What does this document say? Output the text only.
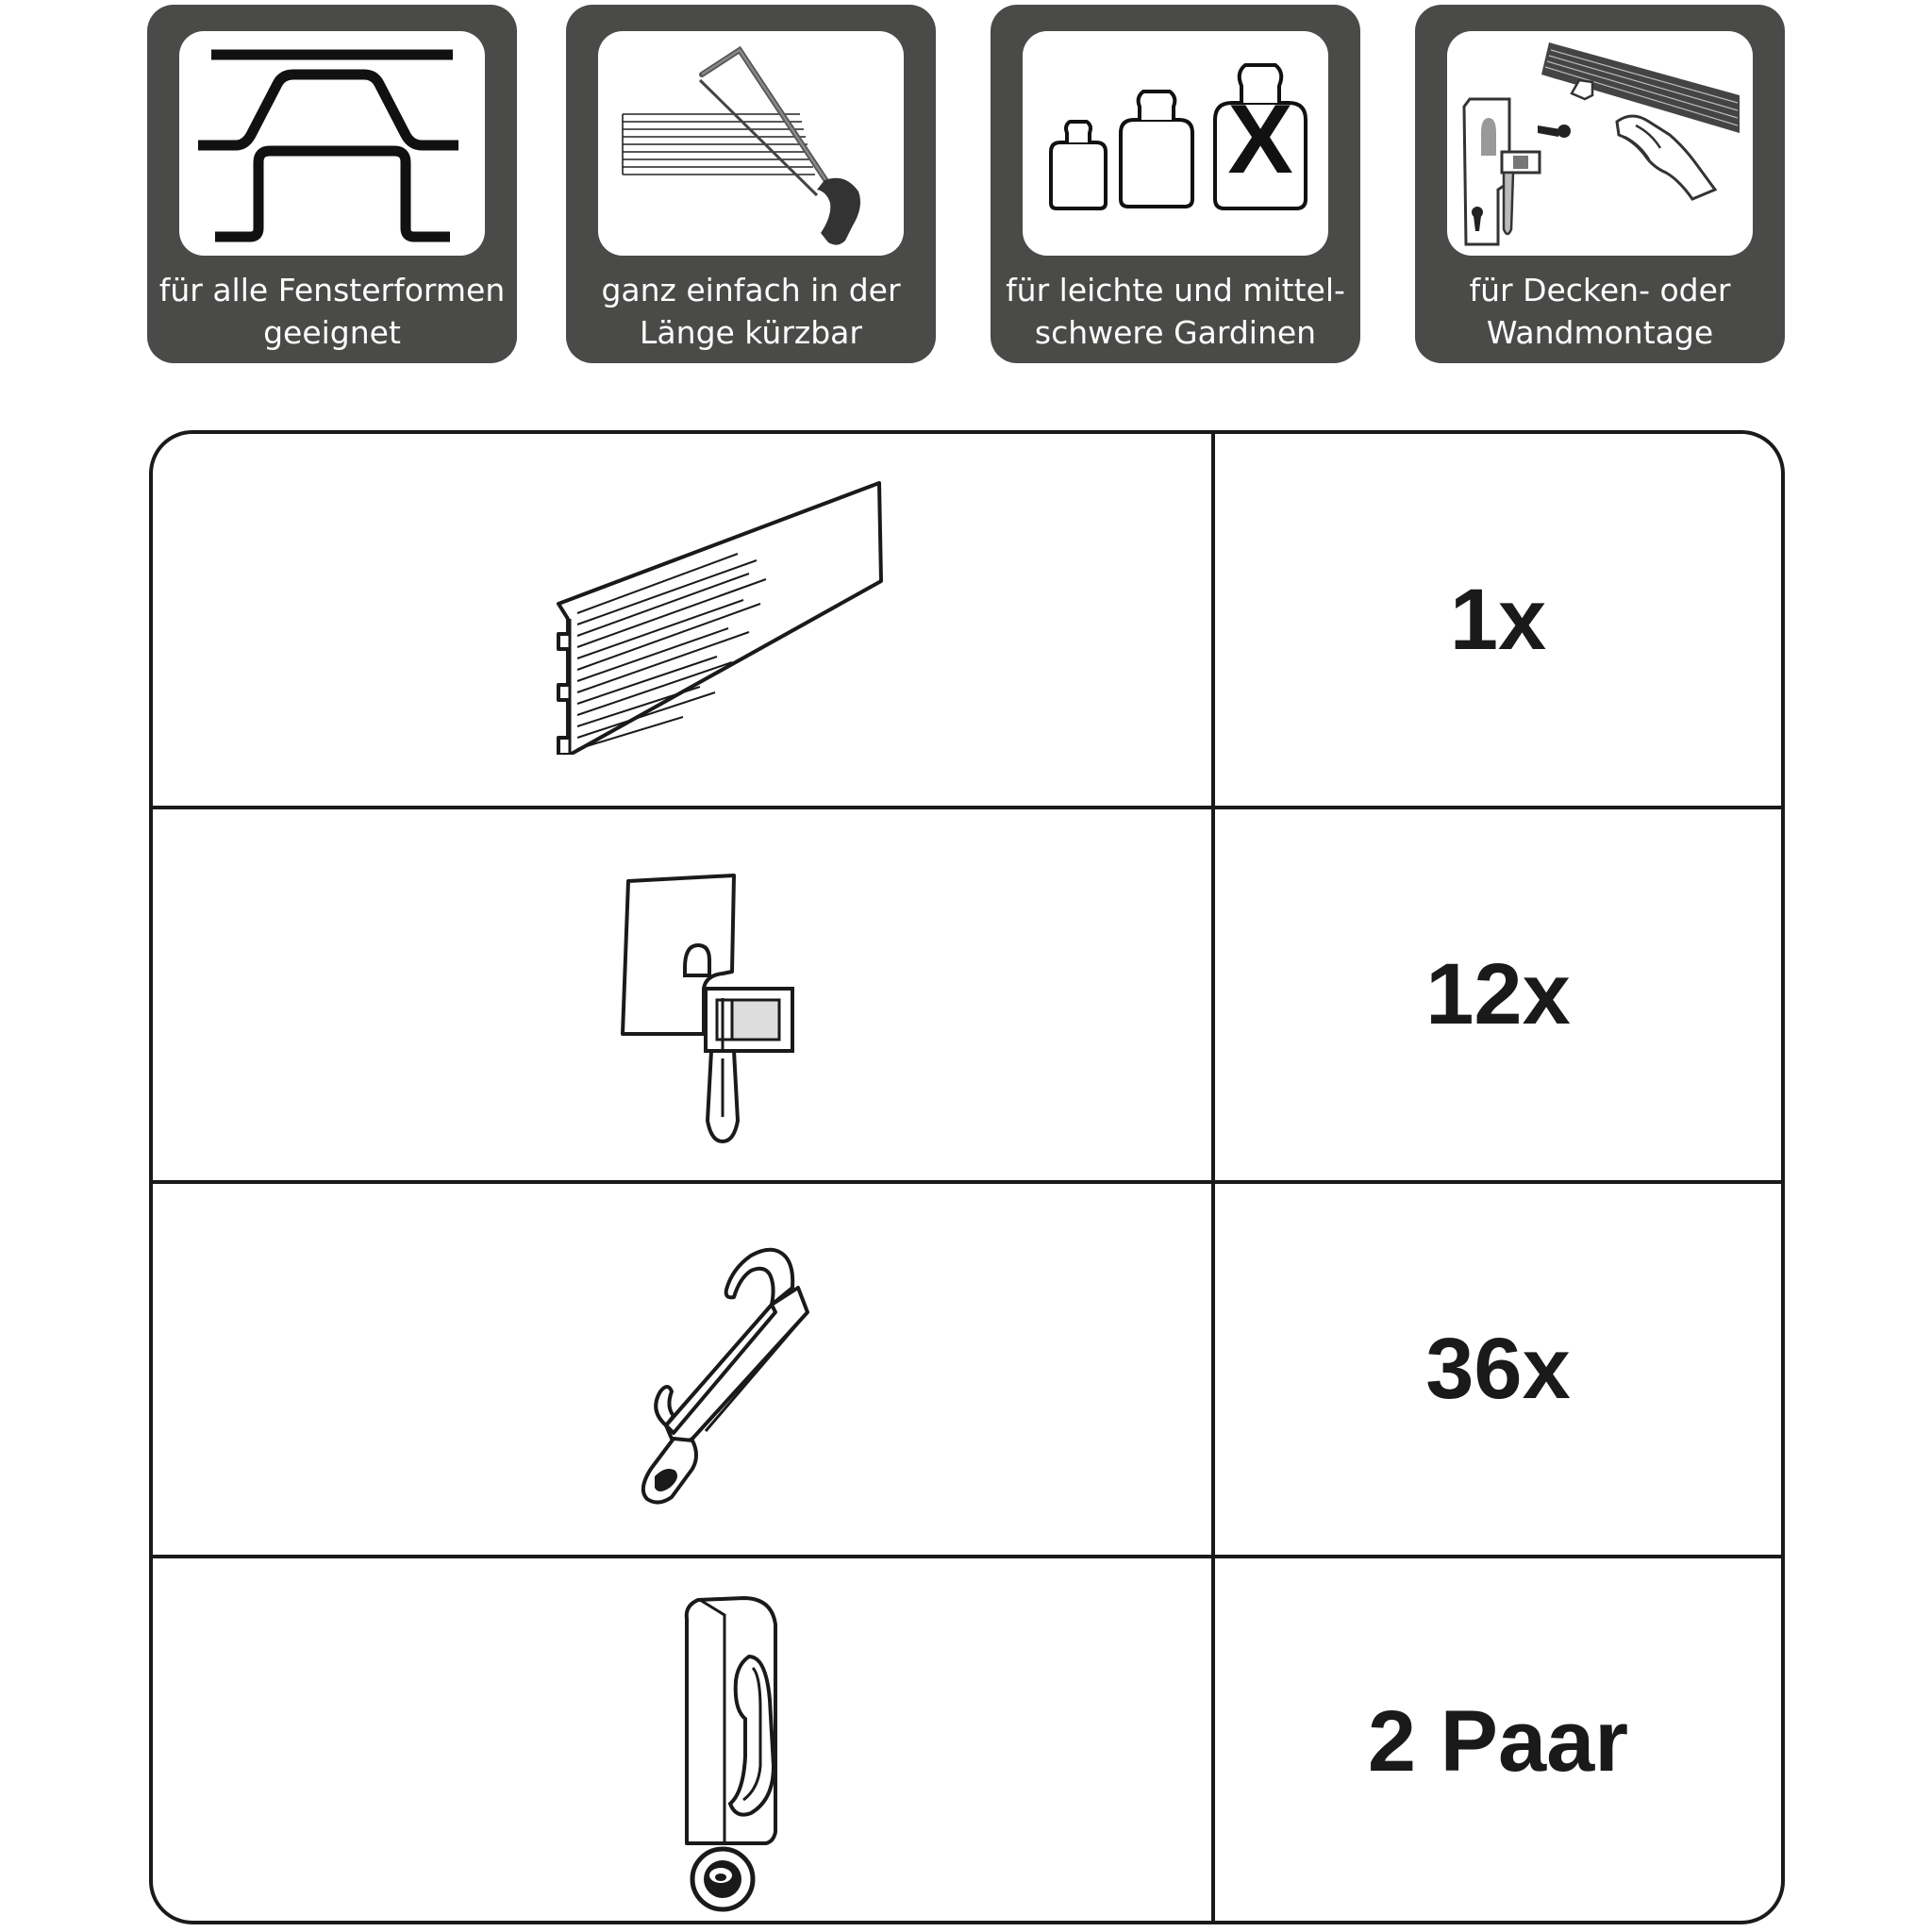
für alle Fensterformen
geeignet
ganz einfach in der
Länge kürzbar
X
für leichte und mittel-
schwere Gardinen
für Decken- oder
Wandmontage
1x
12x
36x
2 Paar
